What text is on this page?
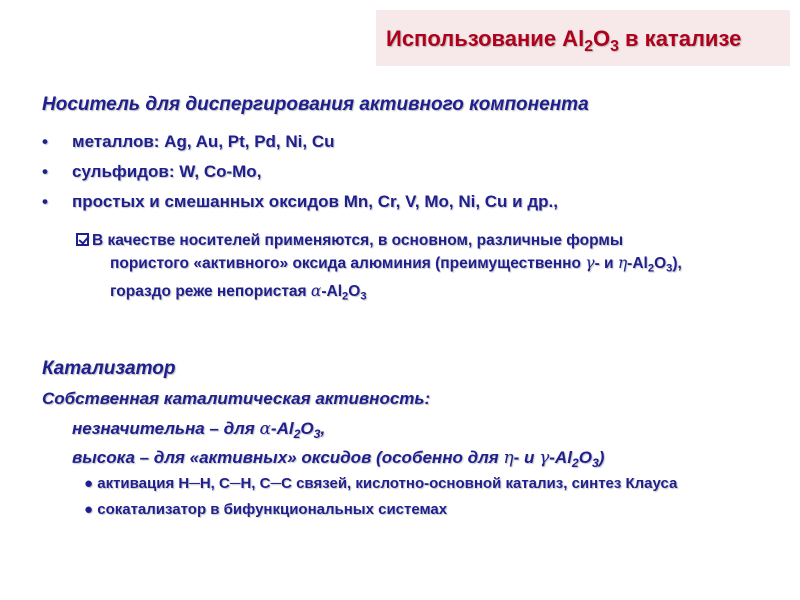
Использование $Al_2O_3$ в катализе
Носитель для диспергирования активного компонента
• металлов: Ag, Au, Pt, Pd, Ni, Cu
• сульфидов: W, Co-Mo,
• простых и смешанных оксидов Mn, Cr, V, Mo, Ni, Cu и др.,
В качестве носителей применяются, в основном, различные формы
пористого «активного» оксида алюминия (преимущественно γ- и $\eta-Al_2O_3$),
гораздо реже непористая $\alpha-Al_2O_3$
Катализатор
Собственная каталитическая активность:
незначительна – для $\alpha-Al_2O_3$,
высока – для «активных» оксидов (особенно для η- и $\gamma-Al_2O_3$)
● активация H─H, C─H, C─C связей, кислотно-основной катализ, синтез Клауса
● сокатализатор в бифункциональных системах
